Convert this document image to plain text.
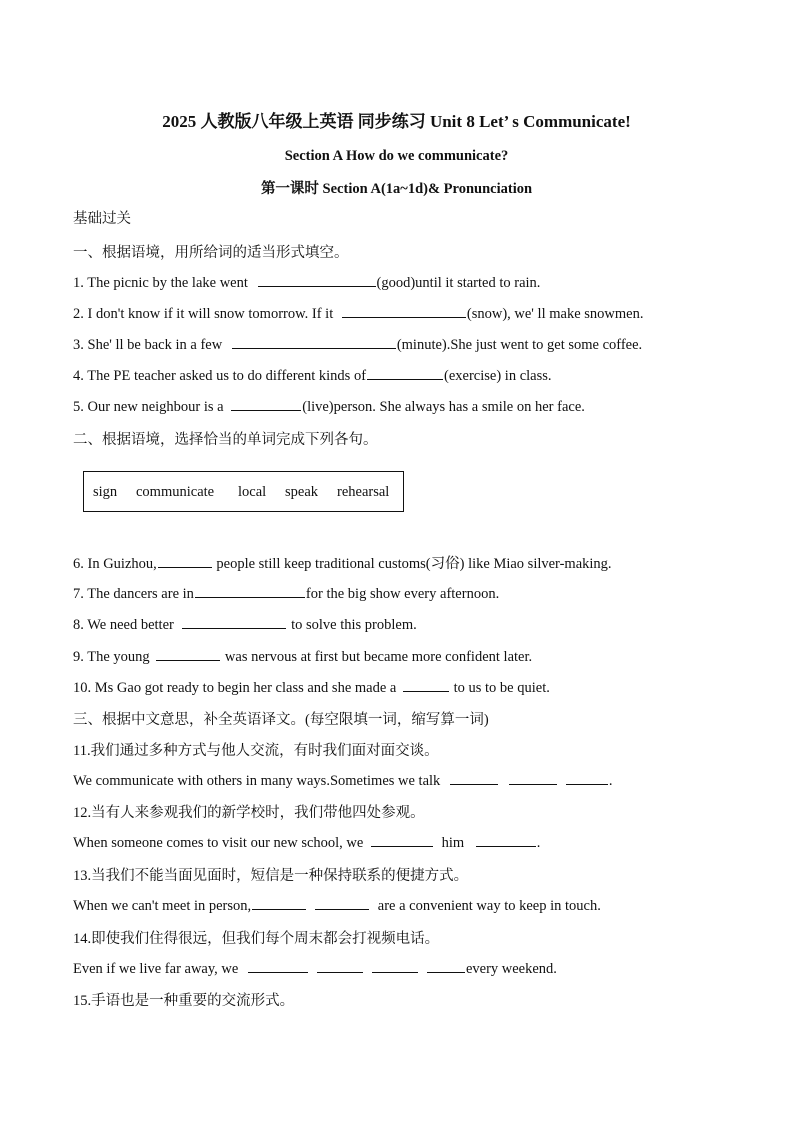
2025 人教版八年级上英语 同步练习 Unit 8 Let’ s Communicate!
Section A How do we communicate?
第一课时 Section A(1a~1d)& Pronunciation
基础过关
一、根据语境，用所给词的适当形式填空。
1. The picnic by the lake went	(good)until it started to rain.
2. I don't know if it will snow tomorrow. If it	(snow), we' ll make snowmen.
3. She' ll be back in a few	(minute).She just went to get some coffee.
4. The PE teacher asked us to do different kinds of	(exercise) in class.
5. Our new neighbour is a	(live)person. She always has a smile on her face.
二、根据语境，选择恰当的单词完成下列各句。
sign communicate local speak rehearsal
6. In Guizhou,	people still keep traditional customs(习俗) like Miao silver-making.
7. The dancers are in	for the big show every afternoon.
8. We need better	to solve this problem.
9. The young	was nervous at first but became more confident later.
10. Ms Gao got ready to begin her class and she made a	to us to be quiet.
三、根据中文意思，补全英语译文。(每空限填一词，缩写算一词)
11.我们通过多种方式与他人交流，有时我们面对面交谈。
We communicate with others in many ways.Sometimes we talk	.
12.当有人来参观我们的新学校时，我们带他四处参观。
When someone comes to visit our new school, we	him	.
13.当我们不能当面见面时，短信是一种保持联系的便捷方式。
When we can't meet in person,	are a convenient way to keep in touch.
14.即使我们住得很远，但我们每个周末都会打视频电话。
Even if we live far away, we	every weekend.
15.手语也是一种重要的交流形式。
